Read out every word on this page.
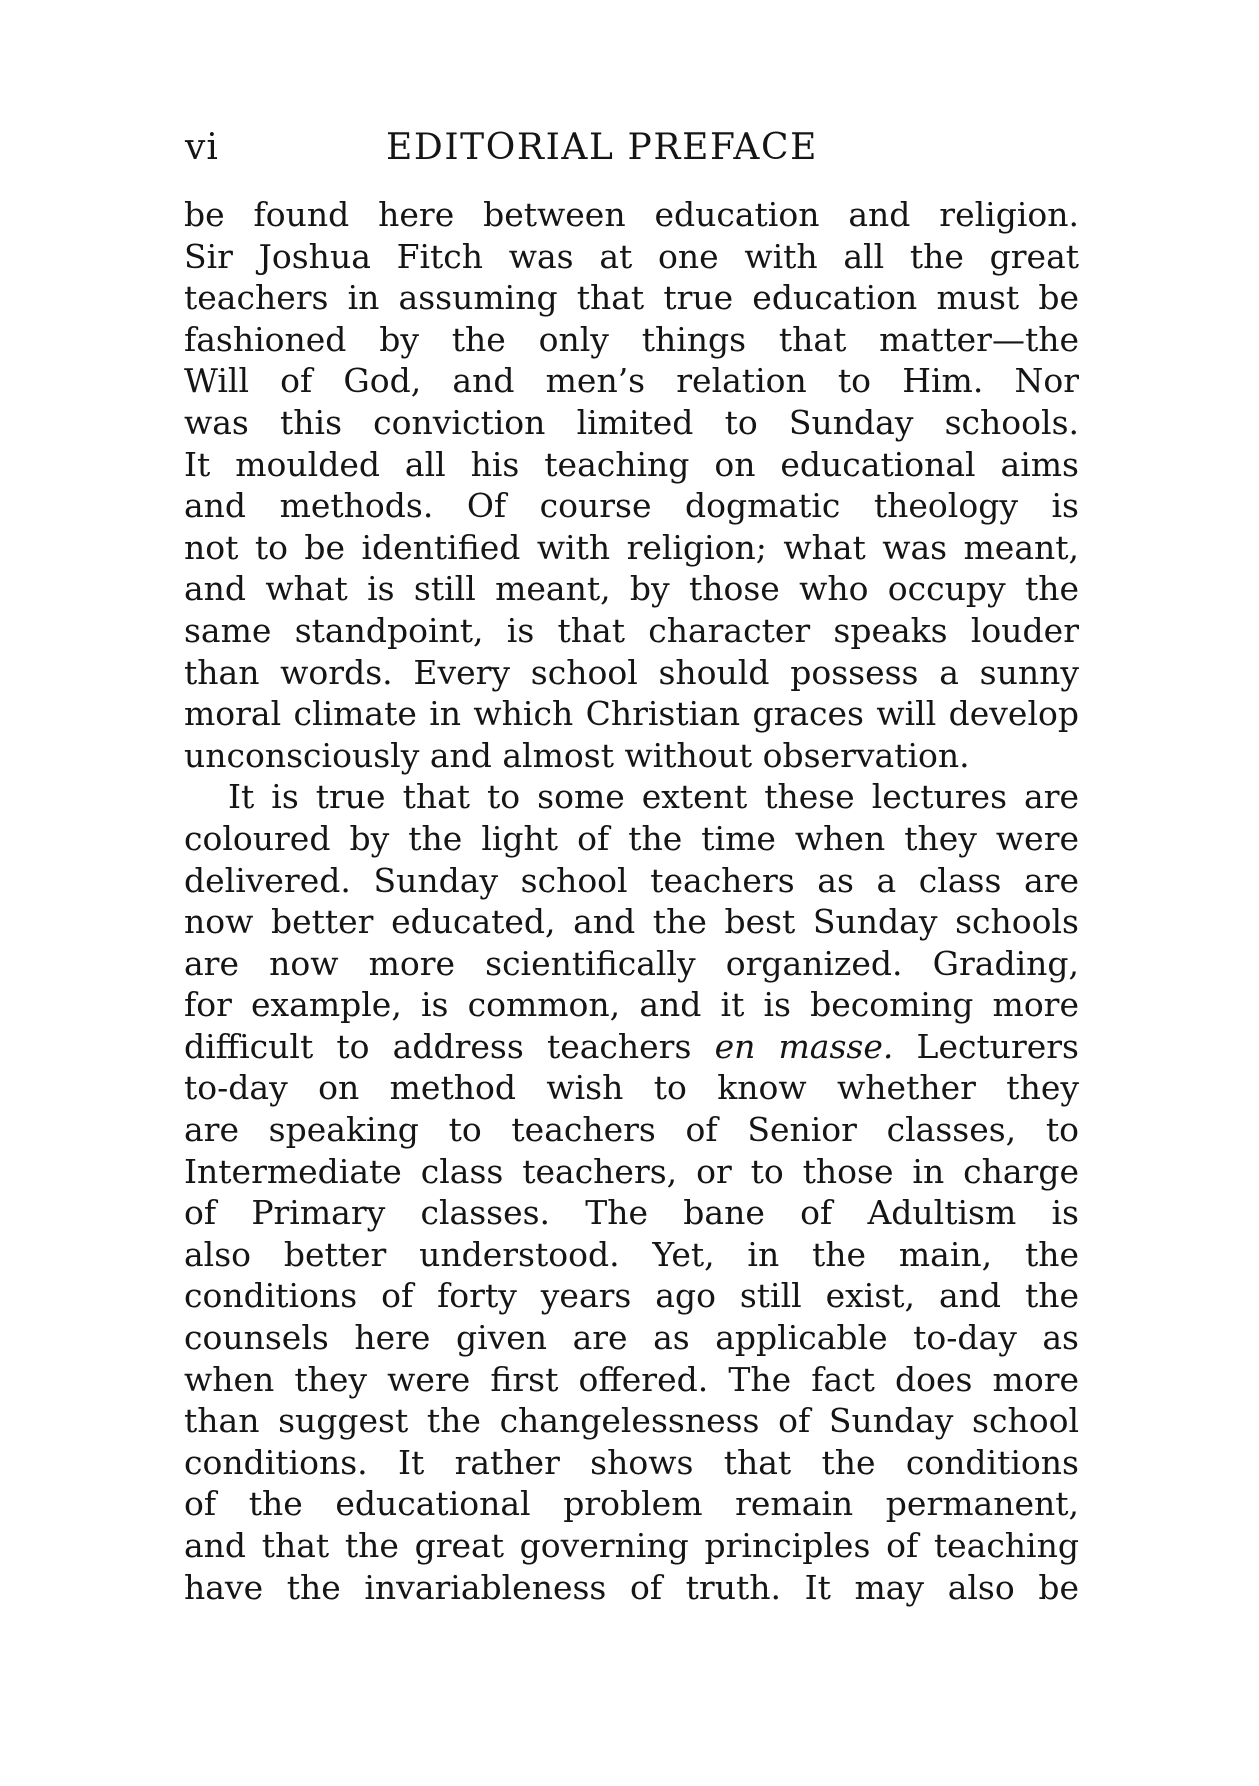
vi	EDITORIAL PREFACE
be found here between education and religion.
Sir Joshua Fitch was at one with all the great
teachers in assuming that true education must be
fashioned by the only things that matter—the
Will of God, and men’s relation to Him. Nor
was this conviction limited to Sunday schools.
It moulded all his teaching on educational aims
and methods. Of course dogmatic theology is
not to be identified with religion; what was meant,
and what is still meant, by those who occupy the
same standpoint, is that character speaks louder
than words. Every school should possess a sunny
moral climate in which Christian graces will develop
unconsciously and almost without observation.
It is true that to some extent these lectures are
coloured by the light of the time when they were
delivered. Sunday school teachers as a class are
now better educated, and the best Sunday schools
are now more scientifically organized. Grading,
for example, is common, and it is becoming more
difficult to address teachers en masse. Lecturers
to-day on method wish to know whether they
are speaking to teachers of Senior classes, to
Intermediate class teachers, or to those in charge
of Primary classes. The bane of Adultism is
also better understood. Yet, in the main, the
conditions of forty years ago still exist, and the
counsels here given are as applicable to-day as
when they were first offered. The fact does more
than suggest the changelessness of Sunday school
conditions. It rather shows that the conditions
of the educational problem remain permanent,
and that the great governing principles of teaching
have the invariableness of truth. It may also be
